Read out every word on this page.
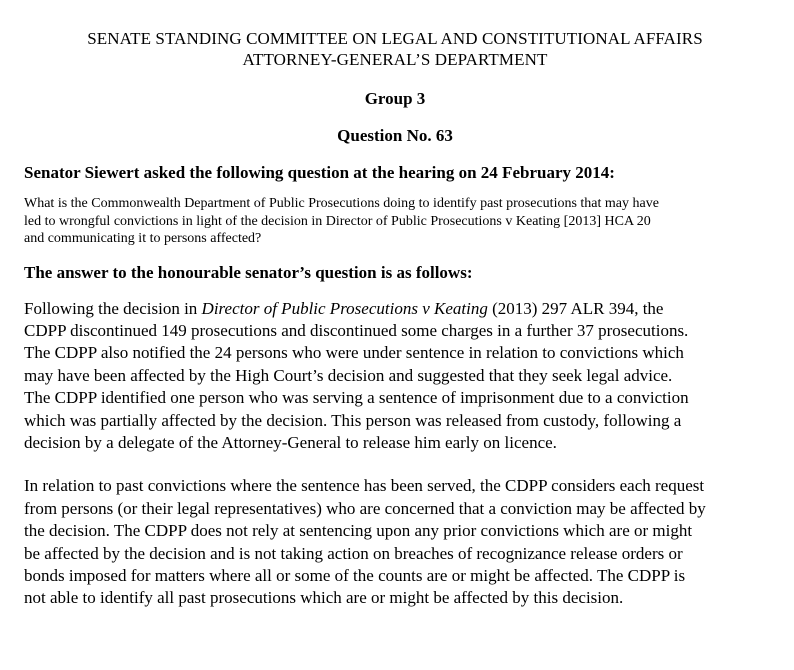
SENATE STANDING COMMITTEE ON LEGAL AND CONSTITUTIONAL AFFAIRS
ATTORNEY-GENERAL’S DEPARTMENT
Group 3
Question No. 63
Senator Siewert asked the following question at the hearing on 24 February 2014:
What is the Commonwealth Department of Public Prosecutions doing to identify past prosecutions that may have
led to wrongful convictions in light of the decision in Director of Public Prosecutions v Keating [2013] HCA 20
and communicating it to persons affected?
The answer to the honourable senator’s question is as follows:
Following the decision in Director of Public Prosecutions v Keating (2013) 297 ALR 394, the
CDPP discontinued 149 prosecutions and discontinued some charges in a further 37 prosecutions.
The CDPP also notified the 24 persons who were under sentence in relation to convictions which
may have been affected by the High Court’s decision and suggested that they seek legal advice.
The CDPP identified one person who was serving a sentence of imprisonment due to a conviction
which was partially affected by the decision. This person was released from custody, following a
decision by a delegate of the Attorney-General to release him early on licence.
In relation to past convictions where the sentence has been served, the CDPP considers each request
from persons (or their legal representatives) who are concerned that a conviction may be affected by
the decision. The CDPP does not rely at sentencing upon any prior convictions which are or might
be affected by the decision and is not taking action on breaches of recognizance release orders or
bonds imposed for matters where all or some of the counts are or might be affected. The CDPP is
not able to identify all past prosecutions which are or might be affected by this decision.
